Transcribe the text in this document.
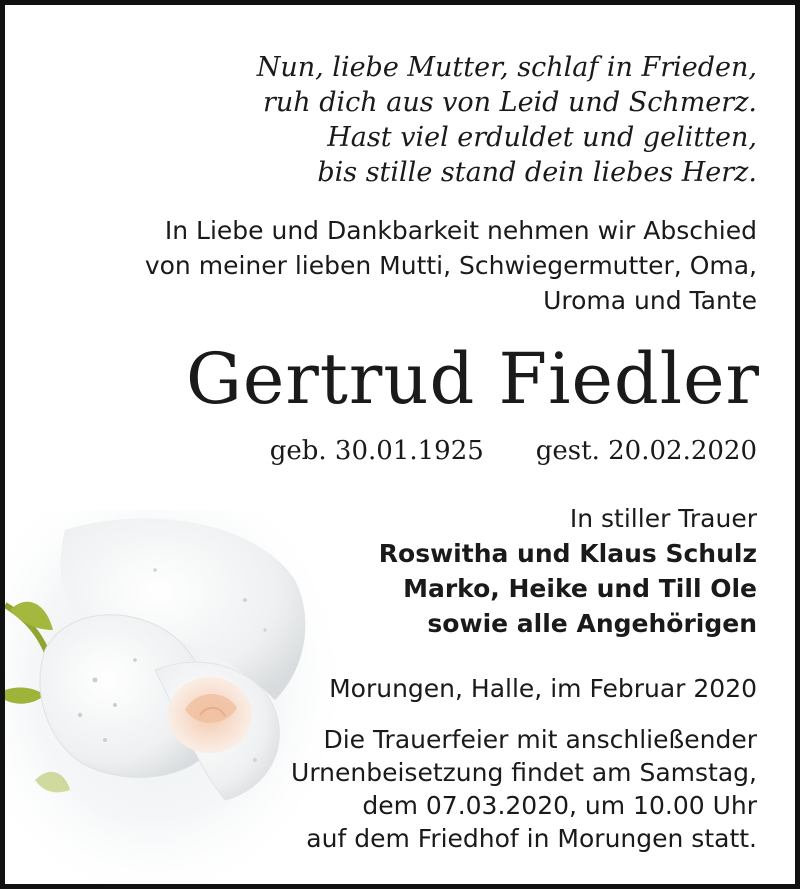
Nun, liebe Mutter, schlaf in Frieden,
ruh dich aus von Leid und Schmerz.
Hast viel erduldet und gelitten,
bis stille stand dein liebes Herz.
In Liebe und Dankbarkeit nehmen wir Abschied
von meiner lieben Mutti, Schwiegermutter, Oma,
Uroma und Tante
Gertrud Fiedler
geb. 30.01.1925 gest. 20.02.2020
In stiller Trauer
Roswitha und Klaus Schulz
Marko, Heike und Till Ole
sowie alle Angehörigen
Morungen, Halle, im Februar 2020
Die Trauerfeier mit anschließender
Urnenbeisetzung findet am Samstag,
dem 07.03.2020, um 10.00 Uhr
auf dem Friedhof in Morungen statt.
